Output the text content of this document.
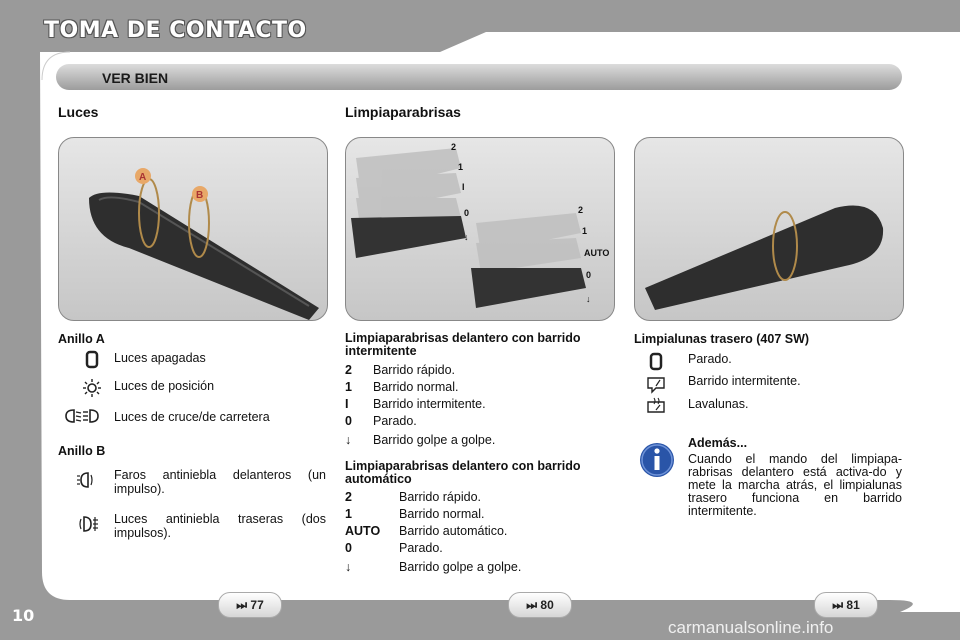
TOMA DE CONTACTO
VER BIEN
Luces	Limpiaparabrisas
A
B
2
1
I
0
↓
2
1
AUTO
0
↓
Anillo A
Luces apagadas
Luces de posición
Luces de cruce/de carretera
Anillo B
Faros antiniebla delanteros (un impulso).
Luces antiniebla traseras (dos impulsos).
Limpiaparabrisas delantero con barrido intermitente
2 Barrido rápido.
1 Barrido normal.
I Barrido intermitente.
0 Parado.
↓ Barrido golpe a golpe.
Limpiaparabrisas delantero con barrido automático
2	Barrido rápido.
1	Barrido normal.
AUTO Barrido automático.
0	Parado.
↓	Barrido golpe a golpe.
Limpialunas trasero (407 SW)
Parado.
Barrido intermitente.
Lavalunas.
Además...
Cuando el mando del limpiapa-rabrisas delantero está activa-do y mete la marcha atrás, el limpialunas trasero funciona en barrido intermitente.
⏭ 77	⏭ 80	⏭ 81
10
carmanualsonline.info
